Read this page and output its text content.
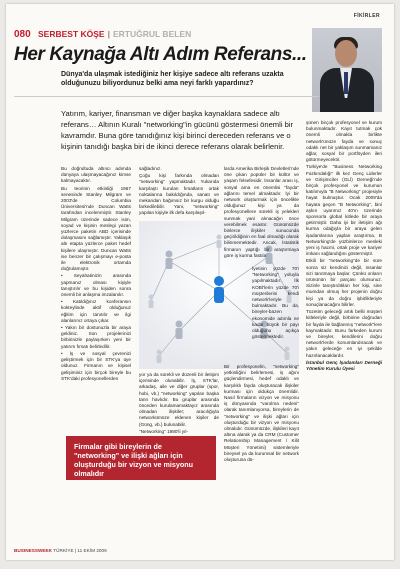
FİKİRLER
080 SERBEST KÖŞE | ERTUĞRUL BELEN
Her Kaynağa Altı Adım Referans...
Dünya'da ulaşmak istediğiniz her kişiye sadece altı referans uzakta olduğunuzu biliyordunuz belki ama neyi farklı yapardınız?
Yatırım, kariyer, finansman ve diğer başka kaynaklara sadece altı referans… Altının Kuralı "networking"in gücünü göstermesi önemli bir kavramdır. Buna göre tanıdığınız kişi birinci dereceden referans ve o kişinin tanıdığı başka biri de ikinci derece referans olarak belirlenir.

Bu doğrultuda altıncı adımda dünyaya ulaşmayacağınız kimse kalmayacaktır.

Bu teorinin etkinliği 1967 senesinde Stanley Milgram ve 2003'de Columbia Üniversitesi'nde Duncan Watts tarafından incelenmiştir. Stanley Milgram üzerinde sadece isim, soyad ve kişinin meslegi yazan yüzlerce paketin ABD içerisinde dolaşmasını sağlamıştır. Yaklaşık altı etapta yüzlerce paket hedef kişilere ulaşmıştır. Duncan Watts ise benzer bir çalışmayı e-posta ile elektronik ortamda doğrulamıştır.

• Seyahatinizin arasında yapmanız olması kişiyle tanıştırılır ve bu kişiden sonra önemli bir anlaşma imzalanılır.

• Katıldığınız konferansın kokteylinde aktif olduğunuz eğitim için tanıtılır ve ilgi alanlarınız ortaya çıkar.

• Yakın bir dostunuzla bir araya geldiniz. Son projelerinizi birbirinizle paylaşırken yeni bir yatırım fırsatı belirledilir.

• İş ve sosyal çevrenizi geliştirmek için bir STK'ya üye oldunuz. Firmanın ve kişisel gelişiminiz için birçok bireyle bu STK'daki profesyonellerden

sağladınız.

Çoğu kişi farkında olmadan "networking" yapmaktadır. Yukarıda karşılaştı kurulan fırsatların ortak noktalarına bakıldığında, sanatı ve mekandan bağımsız bir kurgu olduğu farkedilebilir. Yani, "networking" yapılan kişiyle ilk defa karşılaşıl-

yor ya da sürekli ve düzenli bir iletişim içerisinde olunabilir. İş, STK'lar, arkadaş, aile ve diğer gruplar (spor, hobi, vb.) "networking" yapılan başka tanrı havlıdır. Bu gruplar arasında önceden kurulamamaktayız arasında olmadan ilişkiler; aracılığıyla networkümüze eklenen kişiler de (Güng, vb.) bulunabilir.

"Networking" 1980'li yıl-

larda Amerika Birleşik Devletleri'nde öne çıkan popüler bir kültür ve yaşam felsefesidir. İnsanlar arası iş, sosyal ama en önemlisi "fayda" ağlarını temel almaktadır. İyi bir network oluşturmak için öncelikle olduğunuz kişi ya da profesyonellere sürekli iş yelekleri sunmak yani alınacağın önce verebilmek esastır. Günümüzde binlerce ilişkiler sunucunda geçirildiğinin en faal olmadığı olarak bilinmemektedir. Ancak, İstatistik firmanın yaptığı bir araştırmaya göre iş kurma fastıla

İyetinin yüzde 70'i "Networking" yoluyla yapılmaktadır. İlk KOBİ'lerin yüzde 70'i müşterilerini kendi network'leriyle bulmaktadır. Bu da, bireyler-bazen ekonomide adımla ne kadar büyük bir payı olduğunu açıkça göstermektedir.

Bir profesyonelin, "networking" yetkinliğini belirlemesi, iş ağını güçlendirmesi, hedef odaklı ve karşılıklı fayda oluşturacak ilişkiler kurması için oldukça önemlidir. Nasıl firmaların vizyon ve misyonu iş dünyasında "varolma nedeni" olarak tanımlanıyorsa, bireylerin de "networking" ve ilişki ağları için oluşturduğu bir vizyon ve misyonu olmalıdır. Günümüzde, ilişkileri kayıt altına alarak ya da CRM (Customer Relationship Management / Kilit Müşteri Yönetimi) sistemleriyle bireysel ya da kurumsal bir network oluşturuna dü-

şünen birçok profesyonel ve kurum bulunmaktadır. Kayıt tutmak çok önemli olmakla birlikte network'ünüze fayda ve sonuç odaklı net bir yaklaşım sunmamanız ağlar, sosyal bir portföyden ileri götürmeyecektir.

Türkiye'de "Business Networking Fazkındalığı" ilk kez Genç Liderler ve Girişimciler (GLİ) Derneği'nde birçok profesyonel ve kurumun katılımıyla "B Networking" projesiyle hayat bulmuştur. Ocak 2009'da hayata geçen "B Networking", bini aşkın uyarımız 40'ın üzerinde sponsorla global kitlede bir araya getirmiştir. Daha iyi bir iletişim ağı kurma odağıyla bir araya gelen işadamlarına yaplan araştırma, B Networking'de yüzbinlerce mesleki yeni iş hacmi, ortak proje ve kariyer imkanı sağlandığını göstermiştir.

Etkili bir "networking"de bir süre sonra siz kendinizi değil, insanlar sizi tanıtmaya başlar. Çünkü onların ürününün bir parçası olursunuz. Sizinle tanıştırdıkları her kişi, sine mumdan olmuş her projenin doğru kişi ya da doğru işbirlikleriyle sonuçlanacağını bilirler.

Tüzetim geleceği artık bellii müşteri kitleleriyle değil, birbirine doğrudan bir fayda ile bağlanmış "network"lere kaymaktadır. Bunu farkeden kurum ve bireyler, kendilerini doğru network'lerde konumlandıracak ve yakın geleceğe en iyi şekilde hazırlanacaklardır.

İstanbul Genç İşadamları Derneği Yönetim Kurulu Üyesi

Firmalar gibi bireylerin de "networking" ve ilişki ağları için oluşturduğu bir vizyon ve misyonu olmalıdır
BUSINESSWEEK TÜRKİYE | 11 EKİM 2009
